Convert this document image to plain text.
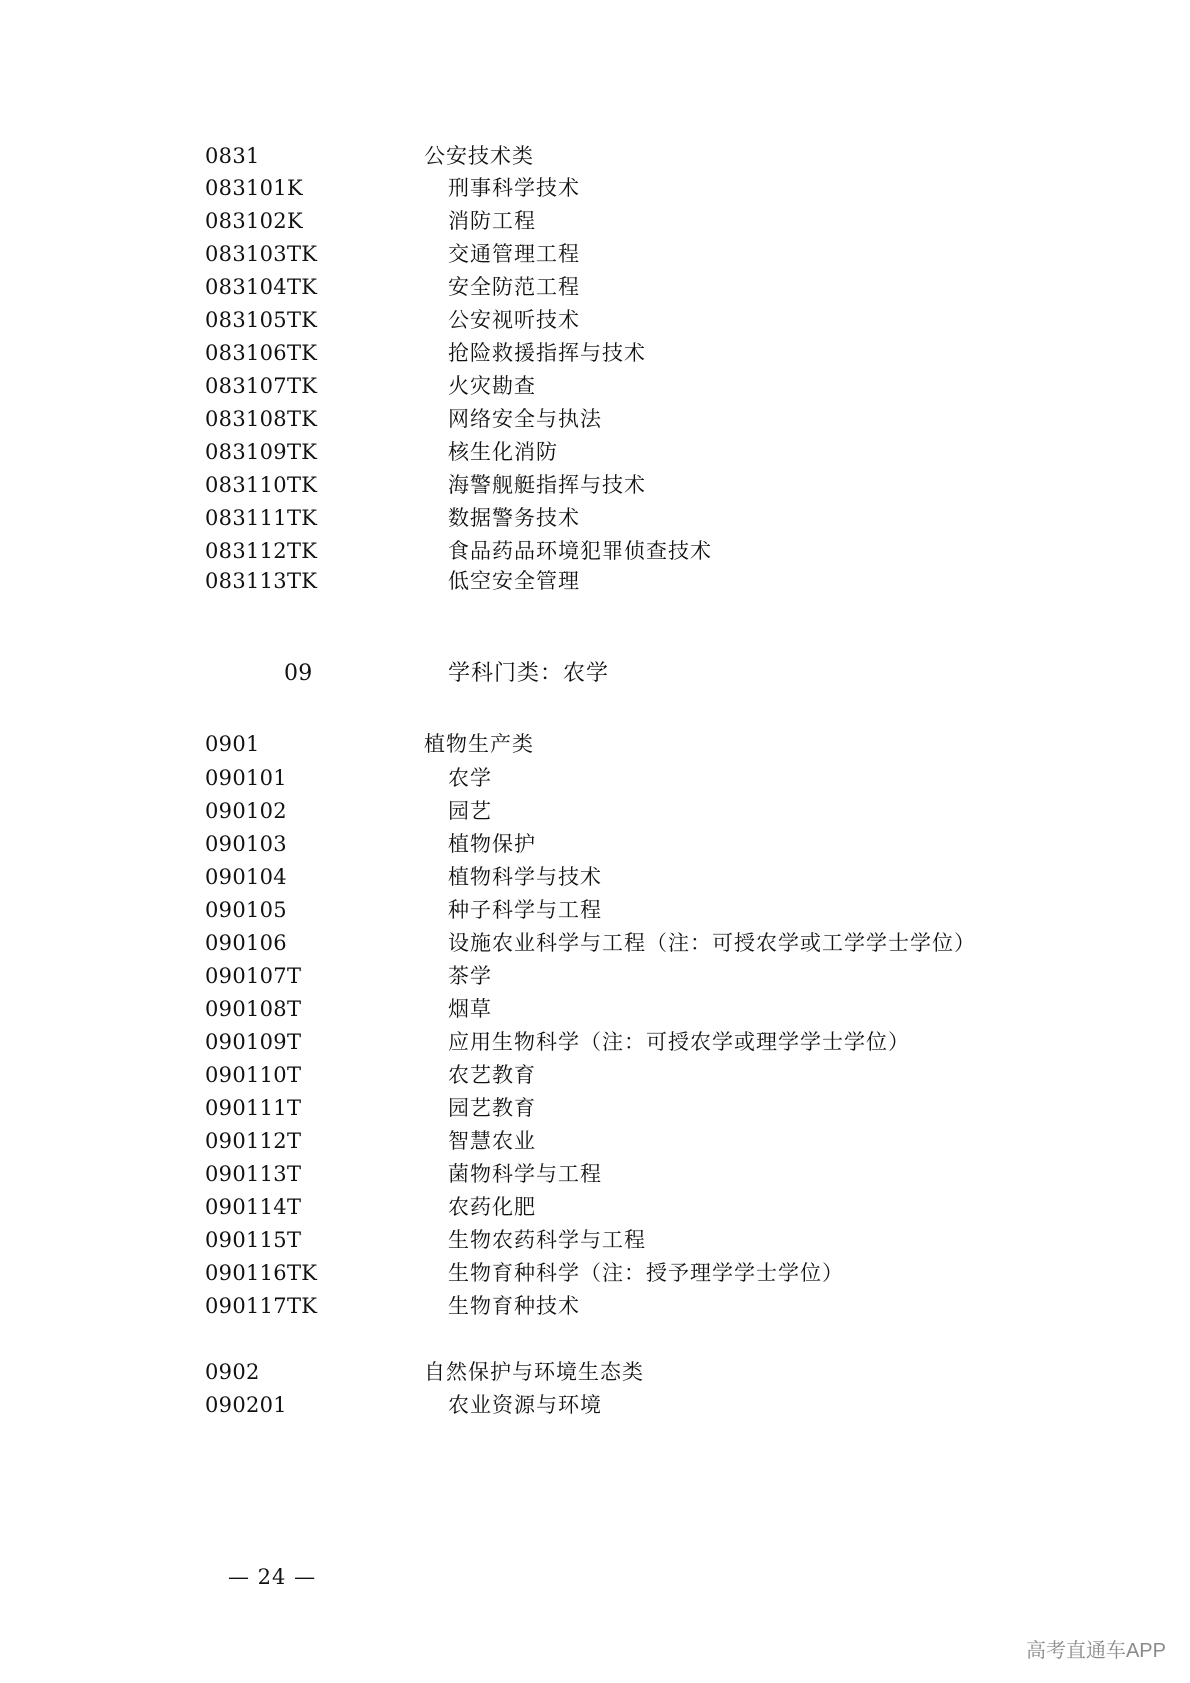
0831	公安技术类
083101K	刑事科学技术
083102K	消防工程
083103TK	交通管理工程
083104TK	安全防范工程
083105TK	公安视听技术
083106TK	抢险救援指挥与技术
083107TK	火灾勘查
083108TK	网络安全与执法
083109TK	核生化消防
083110TK	海警舰艇指挥与技术
083111TK	数据警务技术
083112TK	食品药品环境犯罪侦查技术
083113TK	低空安全管理
09	学科门类：农学
0901	植物生产类
090101	农学
090102	园艺
090103	植物保护
090104	植物科学与技术
090105	种子科学与工程
090106	设施农业科学与工程（注：可授农学或工学学士学位）
090107T	茶学
090108T	烟草
090109T	应用生物科学（注：可授农学或理学学士学位）
090110T	农艺教育
090111T	园艺教育
090112T	智慧农业
090113T	菌物科学与工程
090114T	农药化肥
090115T	生物农药科学与工程
090116TK	生物育种科学（注：授予理学学士学位）
090117TK	生物育种技术
0902	自然保护与环境生态类
090201	农业资源与环境
— 24 —
高考直通车APP
